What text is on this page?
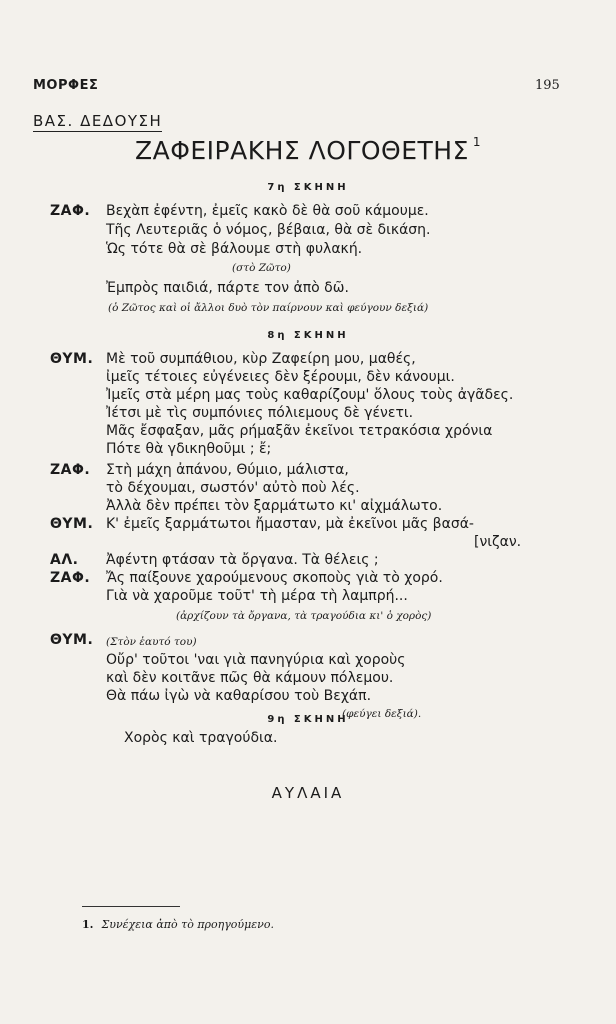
ΜΟΡΦΕΣ	195
ΒΑΣ. ΔΕΔΟΥΣΗ
ΖΑΦΕΙΡΑΚΗΣ ΛΟΓΟΘΕΤΗΣ $^1$
7η ΣΚΗΝΗ
ΖΑΦ. Βεχὰπ ἐφέντη, ἐμεῖς κακὸ δὲ θὰ σοῦ κάμουμε.
Τῆς Λευτεριᾶς ὁ νόμος, βέβαια, θὰ σὲ δικάση.
Ὡς τότε θὰ σὲ βάλουμε στὴ φυλακή.
(στὸ Ζῶτο)
Ἐμπρὸς παιδιά, πάρτε τον ἀπὸ δῶ.
(ὁ Ζῶτος καὶ οἱ ἄλλοι δυὸ τὸν παίρνουν καὶ φεύγουν δεξιά)
8η ΣΚΗΝΗ
ΘΥΜ. Μὲ τοῦ συμπάθιου, κὺρ Ζαφείρη μου, μαθές,
ἰμεῖς τέτοιες εὐγένειες δὲν ξέρουμι, δὲν κάνουμι.
Ἰμεῖς στὰ μέρη μας τοὺς καθαρίζουμ' ὅλους τοὺς ἀγᾶδες.
Ἰέτσι μὲ τὶς συμπόνιες πόλιεμους δὲ γένετι.
Μᾶς ἔσφαξαν, μᾶς ρήμαξᾶν ἐκεῖνοι τετρακόσια χρόνια
Πότε θὰ γδικηθοῦμι ; ἔ;
ΖΑΦ. Στὴ μάχη ἀπάνου, Θύμιο, μάλιστα,
τὸ δέχουμαι, σωστόν' αὐτὸ ποὺ λές.
Ἀλλὰ δὲν πρέπει τὸν ξαρμάτωτο κι' αἰχμάλωτο.
ΘΥΜ. Κ' ἐμεῖς ξαρμάτωτοι ἤμασταν, μὰ ἐκεῖνοι μᾶς βασά-
[νιζαν.
ΑΛ. Ἀφέντη φτάσαν τὰ ὄργανα. Τὰ θέλεις ;
ΖΑΦ. Ἄς παίξουνε χαρούμενους σκοποὺς γιὰ τὸ χορό.
Γιὰ νὰ χαροῦμε τοῦτ' τὴ μέρα τὴ λαμπρή...
(ἀρχίζουν τὰ ὄργανα, τὰ τραγούδια κι' ὁ χορὸς)
ΘΥΜ. (Στὸν ἑαυτό του)
Οὔρ' τοῦτοι 'ναι γιὰ πανηγύρια καὶ χοροὺς
καὶ δὲν κοιτᾶνε πῶς θὰ κάμουν πόλεμου.
Θὰ πάω ἰγὼ νὰ καθαρίσου τοὺ Βεχάπ.
(φεύγει δεξιά).
9η ΣΚΗΝΗ
Χορὸς καὶ τραγούδια.
ΑΥΛΑΙΑ
1. Συνέχεια ἀπὸ τὸ προηγούμενο.
